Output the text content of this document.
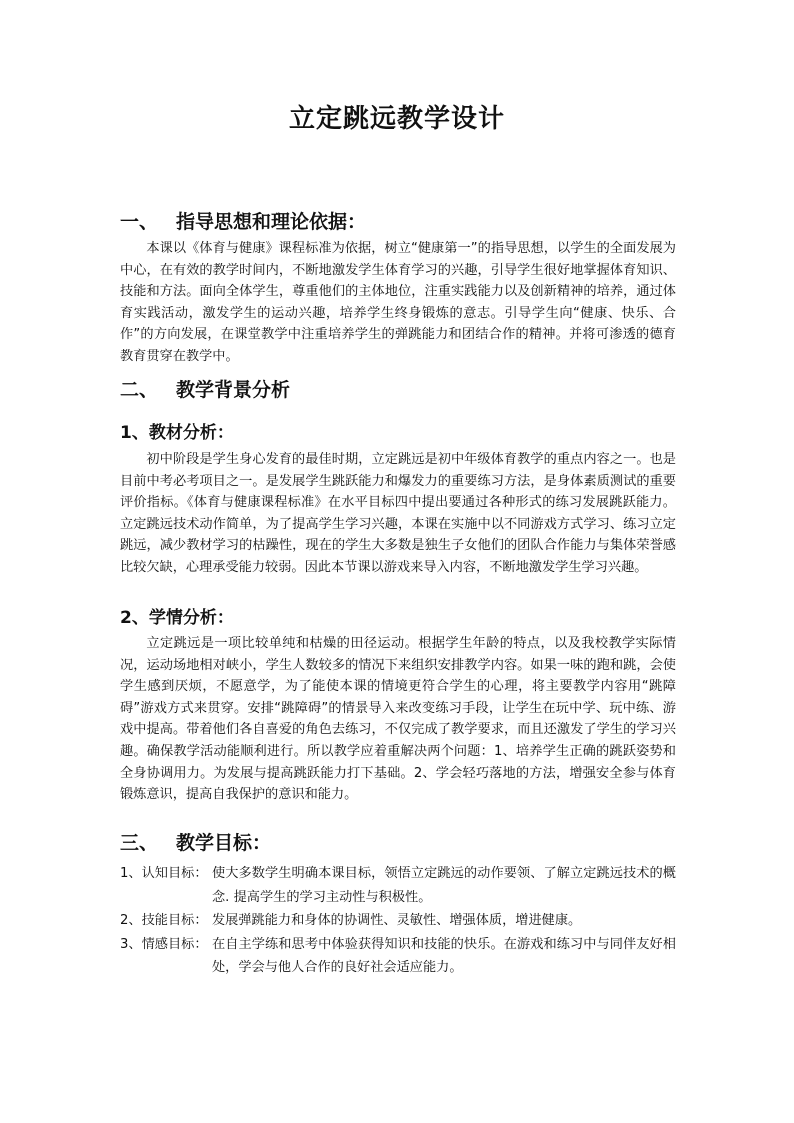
立定跳远教学设计
一、 指导思想和理论依据：

本课以《体育与健康》课程标准为依据，树立“健康第一”的指导思想，以学生的全面发展为中心，在有效的教学时间内，不断地激发学生体育学习的兴趣，引导学生很好地掌握体育知识、技能和方法。面向全体学生，尊重他们的主体地位，注重实践能力以及创新精神的培养，通过体育实践活动，激发学生的运动兴趣，培养学生终身锻炼的意志。引导学生向“健康、快乐、合作”的方向发展，在课堂教学中注重培养学生的弹跳能力和团结合作的精神。并将可渗透的德育教育贯穿在教学中。

二、 教学背景分析
1、教材分析：

初中阶段是学生身心发育的最佳时期，立定跳远是初中年级体育教学的重点内容之一。也是目前中考必考项目之一。是发展学生跳跃能力和爆发力的重要练习方法，是身体素质测试的重要评价指标。《体育与健康课程标准》在水平目标四中提出要通过各种形式的练习发展跳跃能力。立定跳远技术动作简单，为了提高学生学习兴趣，本课在实施中以不同游戏方式学习、练习立定跳远，减少教材学习的枯躁性，现在的学生大多数是独生子女他们的团队合作能力与集体荣誉感比较欠缺，心理承受能力较弱。因此本节课以游戏来导入内容，不断地激发学生学习兴趣。

2、学情分析：

立定跳远是一项比较单纯和枯燥的田径运动。根据学生年龄的特点，以及我校教学实际情况，运动场地相对峡小，学生人数较多的情况下来组织安排教学内容。如果一味的跑和跳，会使学生感到厌烦，不愿意学，为了能使本课的情境更符合学生的心理，将主要教学内容用“跳障碍”游戏方式来贯穿。安排“跳障碍”的情景导入来改变练习手段，让学生在玩中学、玩中练、游戏中提高。带着他们各自喜爱的角色去练习，不仅完成了教学要求，而且还激发了学生的学习兴趣。确保教学活动能顺利进行。所以教学应着重解决两个问题：1、培养学生正确的跳跃姿势和全身协调用力。为发展与提高跳跃能力打下基础。2、学会轻巧落地的方法，增强安全参与体育锻炼意识，提高自我保护的意识和能力。

三、 教学目标：
1、认知目标： 使大多数学生明确本课目标，领悟立定跳远的动作要领、了解立定跳远技术的概念. 提高学生的学习主动性与积极性。
2、技能目标： 发展弹跳能力和身体的协调性、灵敏性、增强体质，增进健康。
3、情感目标： 在自主学练和思考中体验获得知识和技能的快乐。在游戏和练习中与同伴友好相处，学会与他人合作的良好社会适应能力。
